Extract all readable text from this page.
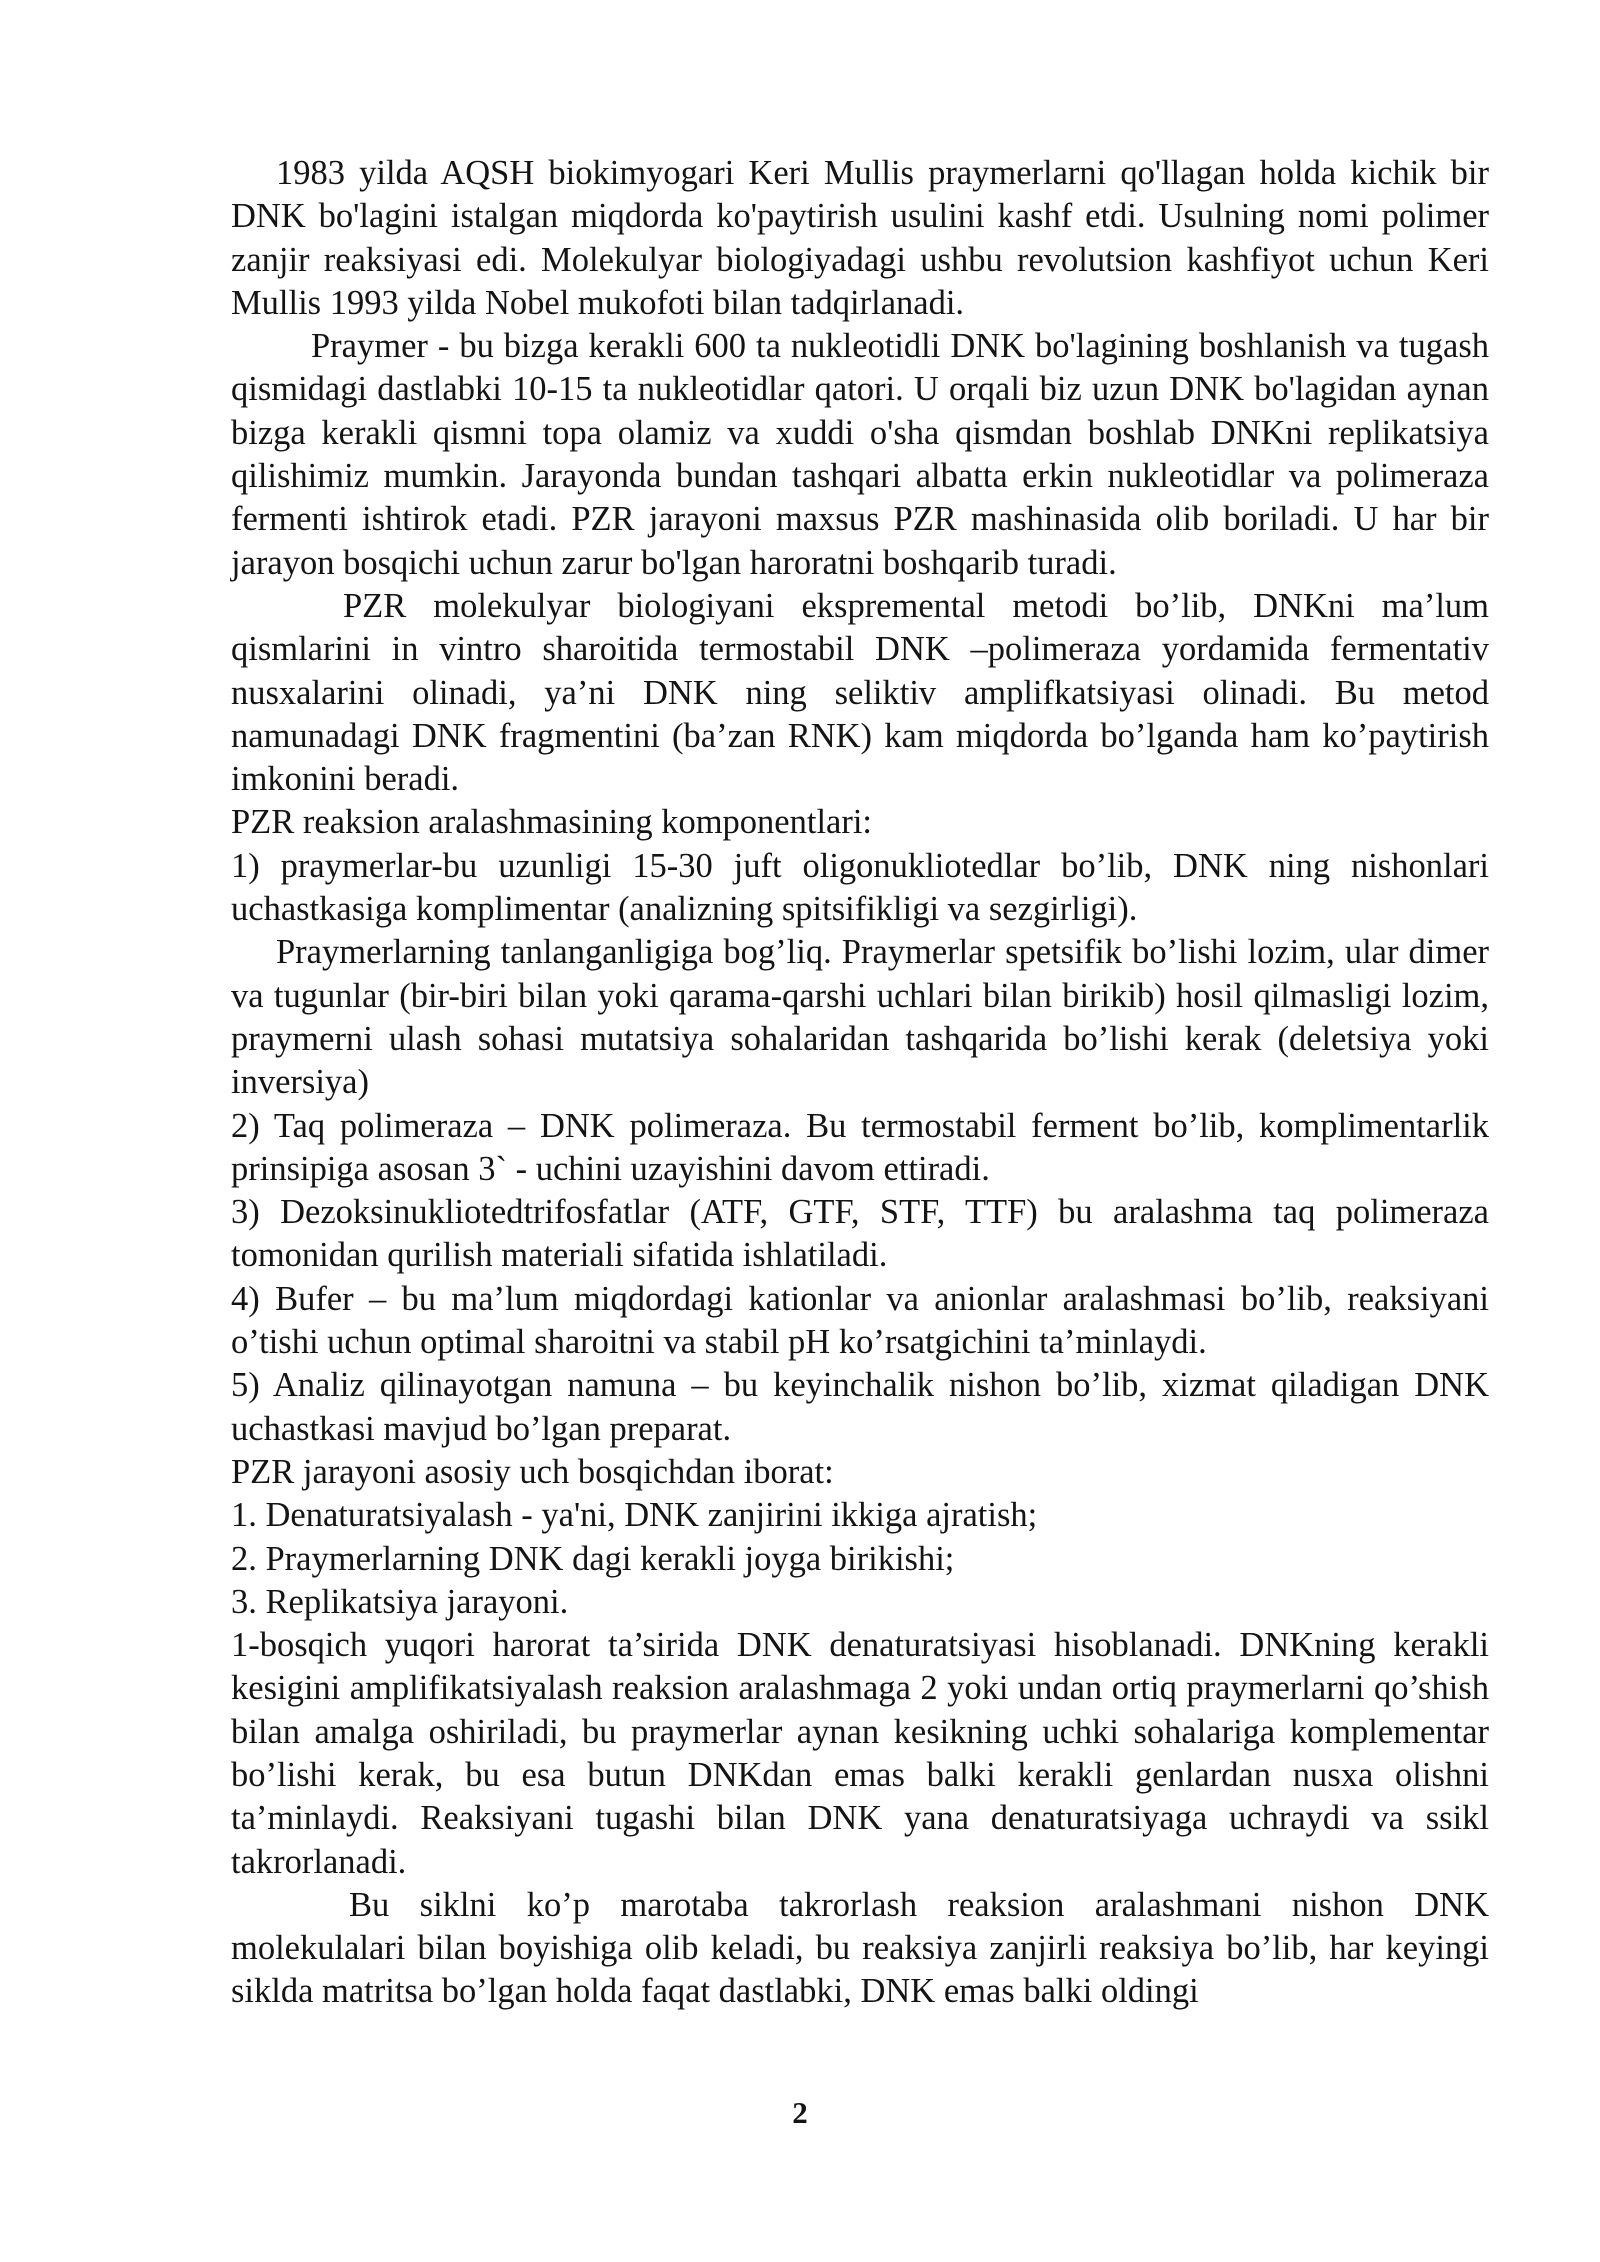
1983 yilda AQSH biokimyogari Keri Mullis praymerlarni qo'llagan holda kichik bir DNK bo'lagini istalgan miqdorda ko'paytirish usulini kashf etdi. Usulning nomi polimer zanjir reaksiyasi edi. Molekulyar biologiyadagi ushbu revolutsion kashfiyot uchun Keri Mullis 1993 yilda Nobel mukofoti bilan tadqirlanadi.

Praymer - bu bizga kerakli 600 ta nukleotidli DNK bo'lagining boshlanish va tugash qismidagi dastlabki 10-15 ta nukleotidlar qatori. U orqali biz uzun DNK bo'lagidan aynan bizga kerakli qismni topa olamiz va xuddi o'sha qismdan boshlab DNKni replikatsiya qilishimiz mumkin. Jarayonda bundan tashqari albatta erkin nukleotidlar va polimeraza fermenti ishtirok etadi. PZR jarayoni maxsus PZR mashinasida olib boriladi. U har bir jarayon bosqichi uchun zarur bo'lgan haroratni boshqarib turadi.

PZR molekulyar biologiyani ekspremental metodi bo’lib, DNKni ma’lum qismlarini in vintro sharoitida termostabil DNK –polimeraza yordamida fermentativ nusxalarini olinadi, ya’ni DNK ning seliktiv amplifkatsiyasi olinadi. Bu metod namunadagi DNK fragmentini (ba’zan RNK) kam miqdorda bo’lganda ham ko’paytirish imkonini beradi.

PZR reaksion aralashmasining komponentlari:

1) praymerlar-bu uzunligi 15-30 juft oligonukliotedlar bo’lib, DNK ning nishonlari uchastkasiga komplimentar (analizning spitsifikligi va sezgirligi).

Praymerlarning tanlanganligiga bog’liq. Praymerlar spetsifik bo’lishi lozim, ular dimer va tugunlar (bir-biri bilan yoki qarama-qarshi uchlari bilan birikib) hosil qilmasligi lozim, praymerni ulash sohasi mutatsiya sohalaridan tashqarida bo’lishi kerak (deletsiya yoki inversiya)

2) Taq polimeraza – DNK polimeraza. Bu termostabil ferment bo’lib, komplimentarlik prinsipiga asosan 3` - uchini uzayishini davom ettiradi.

3) Dezoksinukliotedtrifosfatlar (ATF, GTF, STF, TTF) bu aralashma taq polimeraza tomonidan qurilish materiali sifatida ishlatiladi.

4) Bufer – bu ma’lum miqdordagi kationlar va anionlar aralashmasi bo’lib, reaksiyani o’tishi uchun optimal sharoitni va stabil pH ko’rsatgichini ta’minlaydi.

5) Analiz qilinayotgan namuna – bu keyinchalik nishon bo’lib, xizmat qiladigan DNK uchastkasi mavjud bo’lgan preparat.

PZR jarayoni asosiy uch bosqichdan iborat:

1. Denaturatsiyalash - ya'ni, DNK zanjirini ikkiga ajratish;

2. Praymerlarning DNK dagi kerakli joyga birikishi;

3. Replikatsiya jarayoni.

1-bosqich yuqori harorat ta’sirida DNK denaturatsiyasi hisoblanadi. DNKning kerakli kesigini amplifikatsiyalash reaksion aralashmaga 2 yoki undan ortiq praymerlarni qo’shish bilan amalga oshiriladi, bu praymerlar aynan kesikning uchki sohalariga komplementar bo’lishi kerak, bu esa butun DNKdan emas balki kerakli genlardan nusxa olishni ta’minlaydi. Reaksiyani tugashi bilan DNK yana denaturatsiyaga uchraydi va ssikl takrorlanadi.

Bu siklni ko’p marotaba takrorlash reaksion aralashmani nishon DNK molekulalari bilan boyishiga olib keladi, bu reaksiya zanjirli reaksiya bo’lib, har keyingi siklda matritsa bo’lgan holda faqat dastlabki, DNK emas balki oldingi

2
